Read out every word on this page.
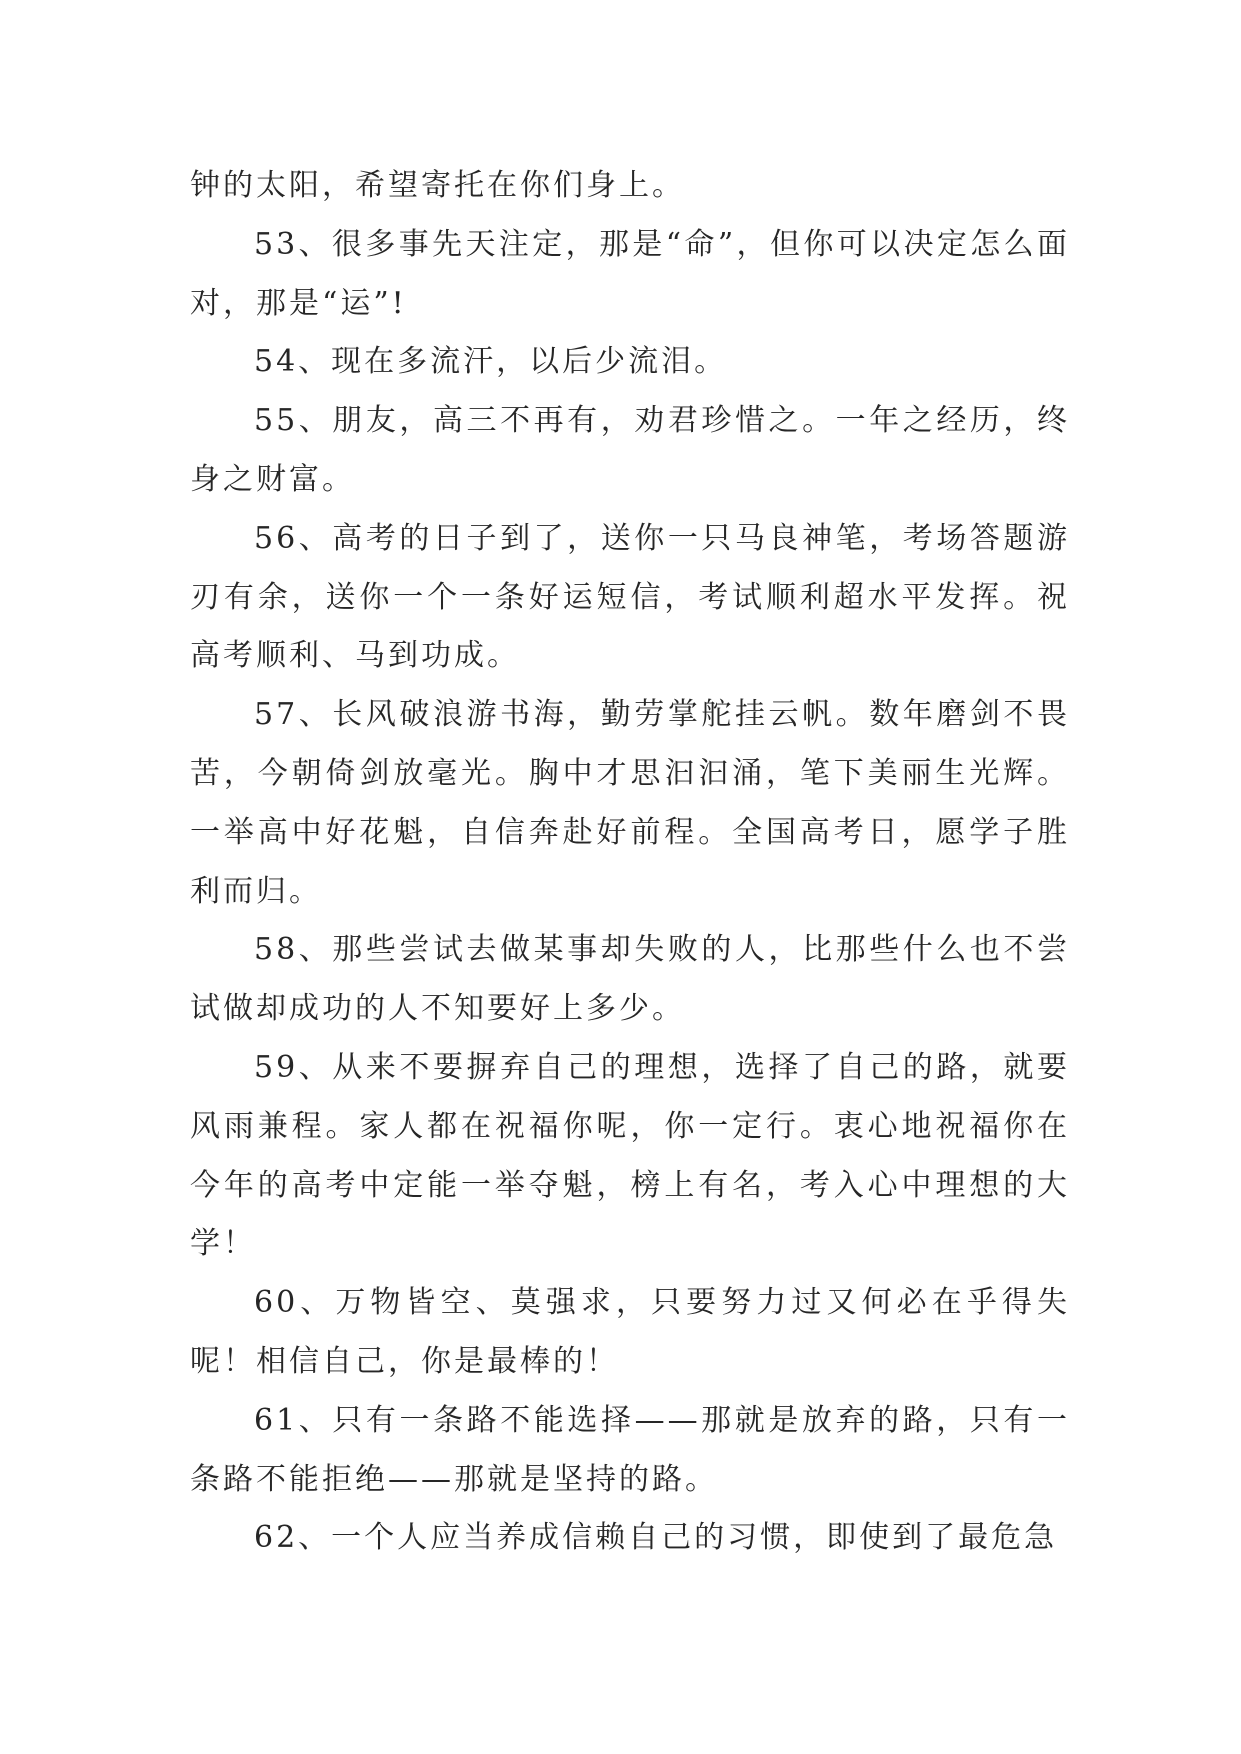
钟的太阳，希望寄托在你们身上。

53、很多事先天注定，那是“命”，但你可以决定怎么面对，那是“运”!

54、现在多流汗，以后少流泪。

55、朋友，高三不再有，劝君珍惜之。一年之经历，终身之财富。

56、高考的日子到了，送你一只马良神笔，考场答题游刃有余，送你一个一条好运短信，考试顺利超水平发挥。祝高考顺利、马到功成。

57、长风破浪游书海，勤劳掌舵挂云帆。数年磨剑不畏苦，今朝倚剑放毫光。胸中才思汩汩涌，笔下美丽生光辉。一举高中好花魁，自信奔赴好前程。全国高考日，愿学子胜利而归。

58、那些尝试去做某事却失败的人，比那些什么也不尝试做却成功的人不知要好上多少。

59、从来不要摒弃自己的理想，选择了自己的路，就要风雨兼程。家人都在祝福你呢，你一定行。衷心地祝福你在今年的高考中定能一举夺魁，榜上有名，考入心中理想的大学！

60、万物皆空、莫强求，只要努力过又何必在乎得失呢！相信自己，你是最棒的！

61、只有一条路不能选择——那就是放弃的路，只有一条路不能拒绝——那就是坚持的路。

62、一个人应当养成信赖自己的习惯，即使到了最危急
